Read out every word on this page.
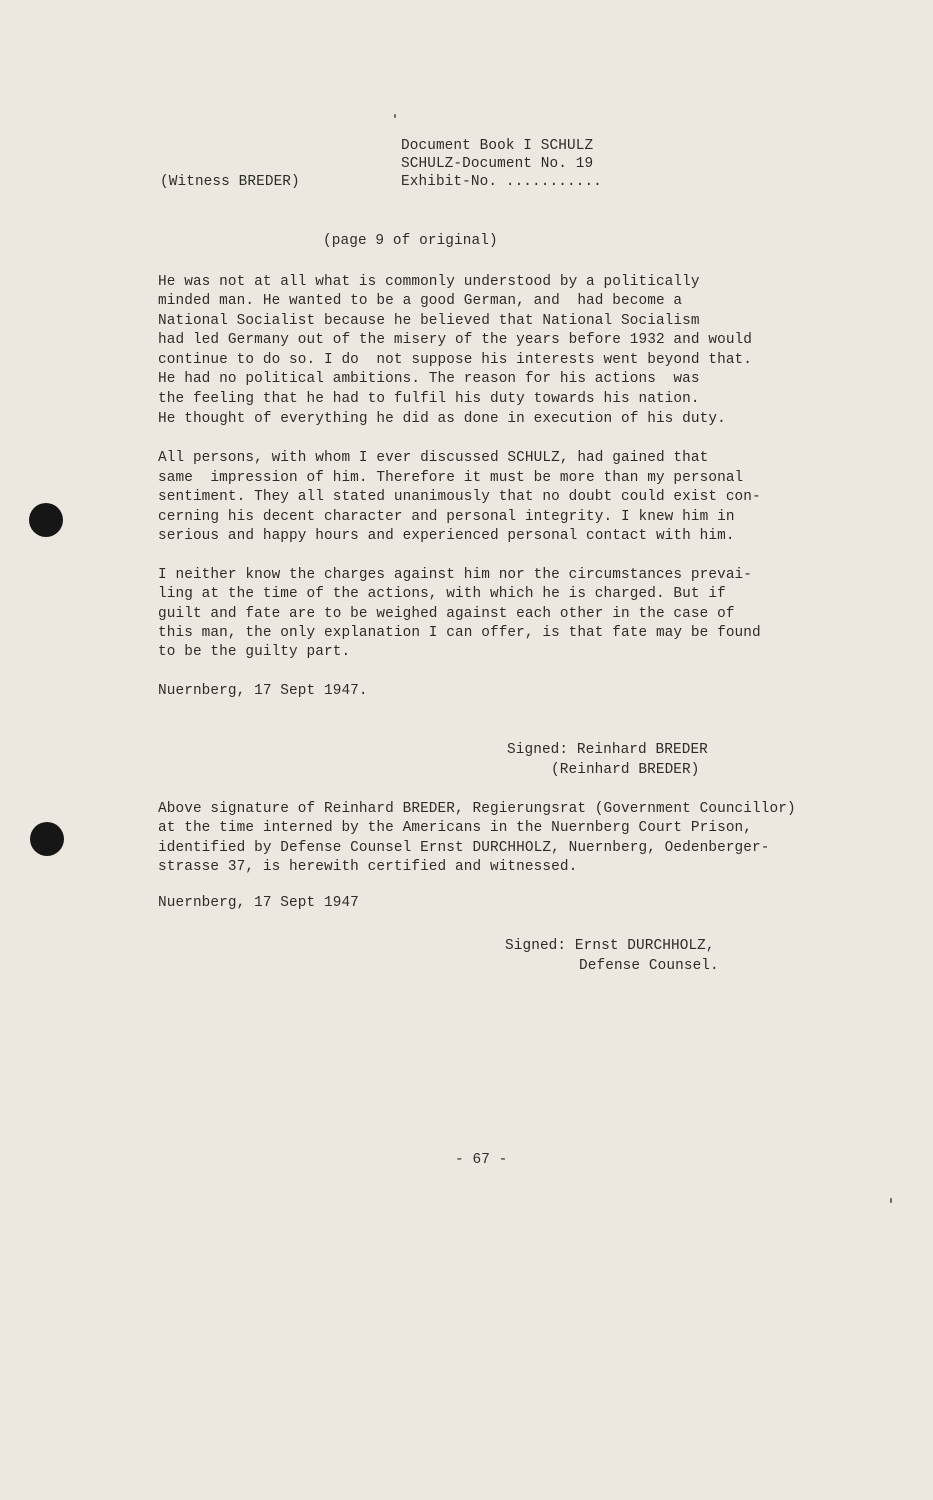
Document Book I SCHULZ
SCHULZ-Document No. 19
Exhibit-No. ...........
(Witness BREDER)
(page 9 of original)
He was not at all what is commonly understood by a politically
minded man. He wanted to be a good German, and  had become a
National Socialist because he believed that National Socialism
had led Germany out of the misery of the years before 1932 and would
continue to do so. I do  not suppose his interests went beyond that.
He had no political ambitions. The reason for his actions  was
the feeling that he had to fulfil his duty towards his nation.
He thought of everything he did as done in execution of his duty.
All persons, with whom I ever discussed SCHULZ, had gained that
same  impression of him. Therefore it must be more than my personal
sentiment. They all stated unanimously that no doubt could exist con-
cerning his decent character and personal integrity. I knew him in
serious and happy hours and experienced personal contact with him.
I neither know the charges against him nor the circumstances prevai-
ling at the time of the actions, with which he is charged. But if
guilt and fate are to be weighed against each other in the case of
this man, the only explanation I can offer, is that fate may be found
to be the guilty part.
Nuernberg, 17 Sept 1947.
Signed: Reinhard BREDER
(Reinhard BREDER)
Above signature of Reinhard BREDER, Regierungsrat (Government Councillor)
at the time interned by the Americans in the Nuernberg Court Prison,
identified by Defense Counsel Ernst DURCHHOLZ, Nuernberg, Oedenberger-
strasse 37, is herewith certified and witnessed.
Nuernberg, 17 Sept 1947
Signed: Ernst DURCHHOLZ,
Defense Counsel.
- 67 -
